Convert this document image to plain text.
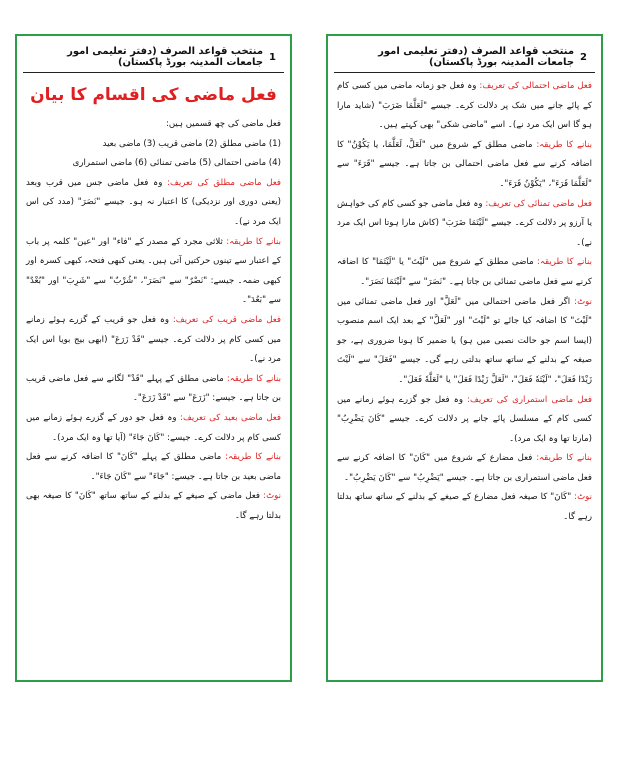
1
منتخب قواعد الصرف (دفتر تعلیمی امور جامعات المدینہ بورڈ پاکستان)
فعل ماضی کی اقسام کا بیان

فعل ماضی کی چھ قسمیں ہیں:

(1) ماضی مطلق (2) ماضی قریب (3) ماضی بعید

(4) ماضی احتمالی (5) ماضی تمنائی (6) ماضی استمراری

فعل ماضی مطلق کی تعریف: وہ فعل ماضی جس میں قرب وبعد (یعنی دوری اور نزدیکی) کا اعتبار نہ ہو۔ جیسے "نَصَرَ" (مدد کی اس ایک مرد نے)۔

بنانے کا طریقہ: ثلاثی مجرد کے مصدر کے "فاء" اور "عین" کلمہ پر باب کے اعتبار سے تینوں حرکتیں آتی ہیں۔ یعنی کبھی فتحہ، کبھی کسرہ اور کبھی ضمہ۔ جیسے: "نَصْرٌ" سے "نَصَرَ"، "شُرْبٌ" سے "شَرِبَ" اور "بُعْدٌ" سے "بَعُدَ"۔

فعل ماضی قریب کی تعریف: وہ فعل جو قریب کے گزرے ہوئے زمانے میں کسی کام پر دلالت کرے۔ جیسے "قَدْ زَرَعَ" (ابھی بیج بویا اس ایک مرد نے)۔

بنانے کا طریقہ: ماضی مطلق کے پہلے "قَدْ" لگانے سے فعل ماضی قریب بن جاتا ہے۔ جیسے: "زَرَعَ" سے "قَدْ زَرَعَ"۔

فعل ماضی بعید کی تعریف: وہ فعل جو دور کے گزرے ہوئے زمانے میں کسی کام پر دلالت کرے۔ جیسے: "كَانَ جَاءَ" (آیا تھا وہ ایک مرد)۔

بنانے کا طریقہ: ماضی مطلق کے پہلے "كَانَ" کا اضافہ کرنے سے فعل ماضی بعید بن جاتا ہے۔ جیسے: "جَاءَ" سے "كَانَ جَاءَ"۔

نوٹ: فعل ماضی کے صیغے کے بدلنے کے ساتھ ساتھ "كَانَ" کا صیغہ بھی بدلتا رہے گا۔

2
منتخب قواعد الصرف (دفتر تعلیمی امور جامعات المدینہ بورڈ پاکستان)

فعل ماضی احتمالی کی تعریف: وہ فعل جو زمانہ ماضی میں کسی کام کے پائے جانے میں شک پر دلالت کرے۔ جیسے "لَعَلَّمَا ضَرَبَ" (شاید مارا ہو گا اس ایک مرد نے)۔ اسے "ماضی شکی" بھی کہتے ہیں۔

بنانے کا طریقہ: ماضی مطلق کے شروع میں "لَعَلَّ، لَعَلَّمَا، یا یَکُوْنُ" کا اضافہ کرنے سے فعل ماضی احتمالی بن جاتا ہے۔ جیسے "قَرَءَ" سے "لَعَلَّمَا قَرَءَ"، "یَکُوْنُ قَرَءَ"۔

فعل ماضی تمنائی کی تعریف: وہ فعل ماضی جو کسی کام کی خواہش یا آرزو پر دلالت کرے۔ جیسے "لَیْتَمَا ضَرَبَ" (کاش مارا ہوتا اس ایک مرد نے)۔

بنانے کا طریقہ: ماضی مطلق کے شروع میں "لَیْتَ" یا "لَیْتَمَا" کا اضافہ کرنے سے فعل ماضی تمنائی بن جاتا ہے۔ "نَصَرَ" سے "لَیْتَمَا نَصَرَ"۔

نوٹ: اگر فعل ماضی احتمالی میں "لَعَلَّ" اور فعل ماضی تمنائی میں "لَیْتَ" کا اضافہ کیا جائے تو "لَیْتَ" اور "لَعَلَّ" کے بعد ایک اسم منصوب (ایسا اسم جو حالت نصبی میں ہو) یا ضمیر کا ہونا ضروری ہے، جو صیغہ کے بدلنے کے ساتھ ساتھ بدلتی رہے گی۔ جیسے "فَعَلَ" سے "لَیْتَ زَیْدًا فَعَلَ"، "لَیْتَهٗ فَعَلَ"، "لَعَلَّ زَیْدًا فَعَلَ" یا "لَعَلَّهٗ فَعَلَ"۔

فعل ماضی استمراری کی تعریف: وہ فعل جو گزرے ہوئے زمانے میں کسی کام کے مسلسل پائے جانے پر دلالت کرے۔ جیسے "كَانَ یَضْرِبُ" (مارتا تھا وہ ایک مرد)۔

بنانے کا طریقہ: فعل مضارع کے شروع میں "كَانَ" کا اضافہ کرنے سے فعل ماضی استمراری بن جاتا ہے۔ جیسے "یَضْرِبُ" سے "كَانَ یَضْرِبُ"۔

نوٹ: "كَانَ" کا صیغہ فعل مضارع کے صیغے کے بدلنے کے ساتھ ساتھ بدلتا رہے گا۔
